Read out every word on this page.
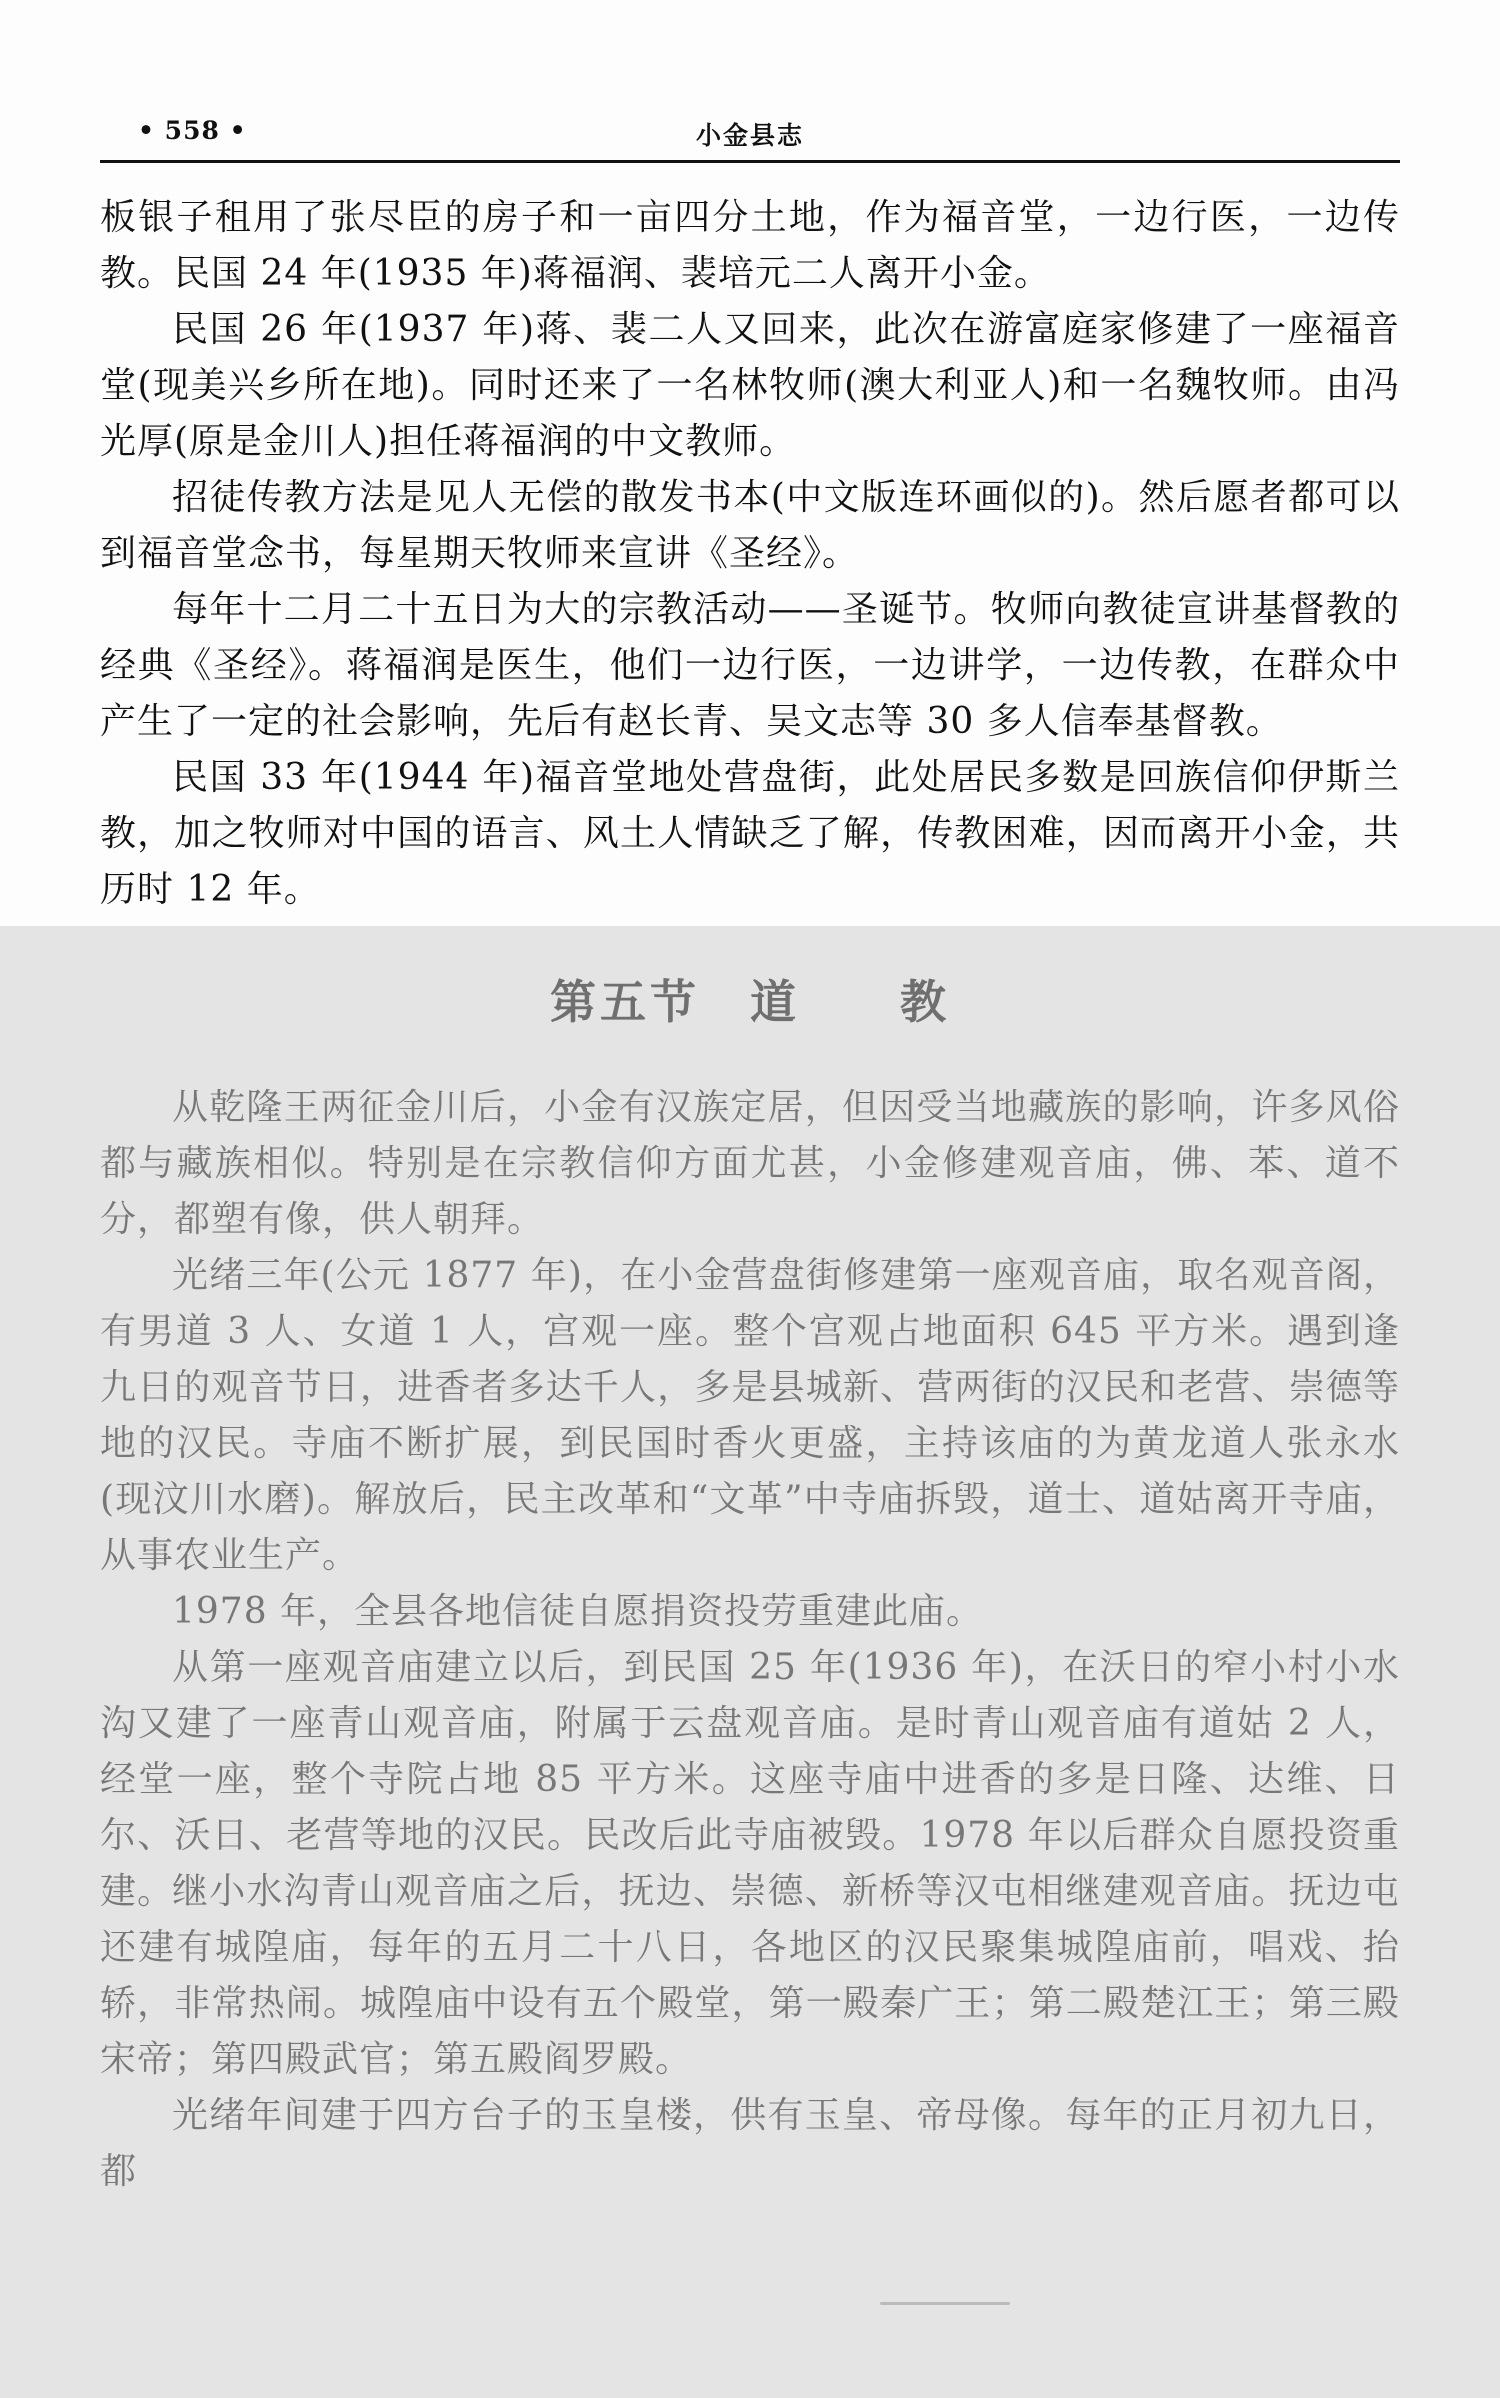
• 558 •	小金县志

板银子租用了张尽臣的房子和一亩四分土地，作为福音堂，一边行医，一边传教。民国 24 年(1935 年)蒋福润、裴培元二人离开小金。

民国 26 年(1937 年)蒋、裴二人又回来，此次在游富庭家修建了一座福音堂(现美兴乡所在地)。同时还来了一名林牧师(澳大利亚人)和一名魏牧师。由冯光厚(原是金川人)担任蒋福润的中文教师。

招徒传教方法是见人无偿的散发书本(中文版连环画似的)。然后愿者都可以到福音堂念书，每星期天牧师来宣讲《圣经》。

每年十二月二十五日为大的宗教活动——圣诞节。牧师向教徒宣讲基督教的经典《圣经》。蒋福润是医生，他们一边行医，一边讲学，一边传教，在群众中产生了一定的社会影响，先后有赵长青、吴文志等 30 多人信奉基督教。

民国 33 年(1944 年)福音堂地处营盘街，此处居民多数是回族信仰伊斯兰教，加之牧师对中国的语言、风土人情缺乏了解，传教困难，因而离开小金，共历时 12 年。

第五节　道　　教

从乾隆王两征金川后，小金有汉族定居，但因受当地藏族的影响，许多风俗都与藏族相似。特别是在宗教信仰方面尤甚，小金修建观音庙，佛、苯、道不分，都塑有像，供人朝拜。

光绪三年(公元 1877 年)，在小金营盘街修建第一座观音庙，取名观音阁，有男道 3 人、女道 1 人，宫观一座。整个宫观占地面积 645 平方米。遇到逢九日的观音节日，进香者多达千人，多是县城新、营两街的汉民和老营、崇德等地的汉民。寺庙不断扩展，到民国时香火更盛，主持该庙的为黄龙道人张永水(现汶川水磨)。解放后，民主改革和“文革”中寺庙拆毁，道士、道姑离开寺庙，从事农业生产。

1978 年，全县各地信徒自愿捐资投劳重建此庙。

从第一座观音庙建立以后，到民国 25 年(1936 年)，在沃日的窄小村小水沟又建了一座青山观音庙，附属于云盘观音庙。是时青山观音庙有道姑 2 人，经堂一座，整个寺院占地 85 平方米。这座寺庙中进香的多是日隆、达维、日尔、沃日、老营等地的汉民。民改后此寺庙被毁。1978 年以后群众自愿投资重建。

继小水沟青山观音庙之后，抚边、崇德、新桥等汉屯相继建观音庙。抚边屯还建有城隍庙，每年的五月二十八日，各地区的汉民聚集城隍庙前，唱戏、抬轿，非常热闹。城隍庙中设有五个殿堂，第一殿秦广王；第二殿楚江王；第三殿宋帝；第四殿武官；第五殿阎罗殿。

光绪年间建于四方台子的玉皇楼，供有玉皇、帝母像。每年的正月初九日，都
